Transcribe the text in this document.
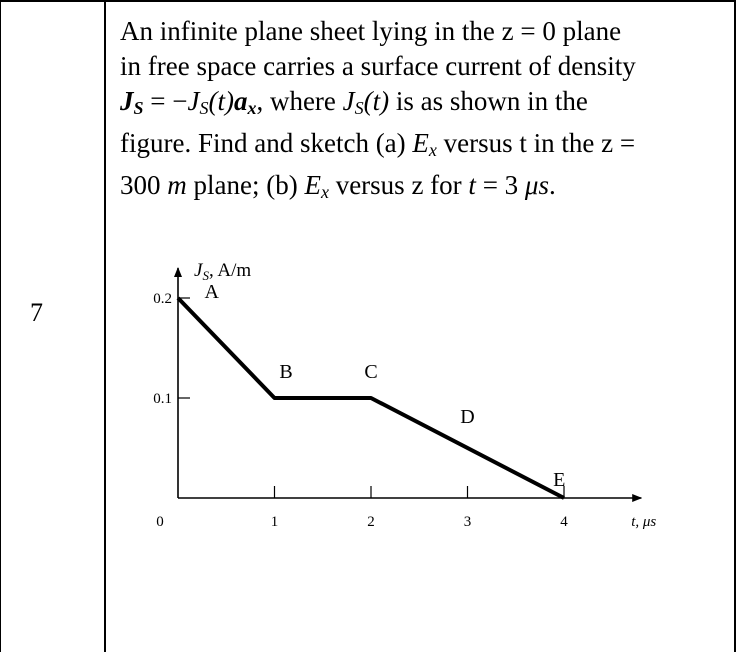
7

An infinite plane sheet lying in the z = 0 plane

in free space carries a surface current of density

JS = $-J_S(t)ax$, where $J_S(t)$ is as shown in the

figure. Find and sketch (a) $E_x$ versus t in the z =

300 m plane; (b) $E_x$ versus z for t = 3 μs.

0	1	2	3	4
0.1
0.2 A
B	C
D
E
$J_S$, A/m
t, μs
